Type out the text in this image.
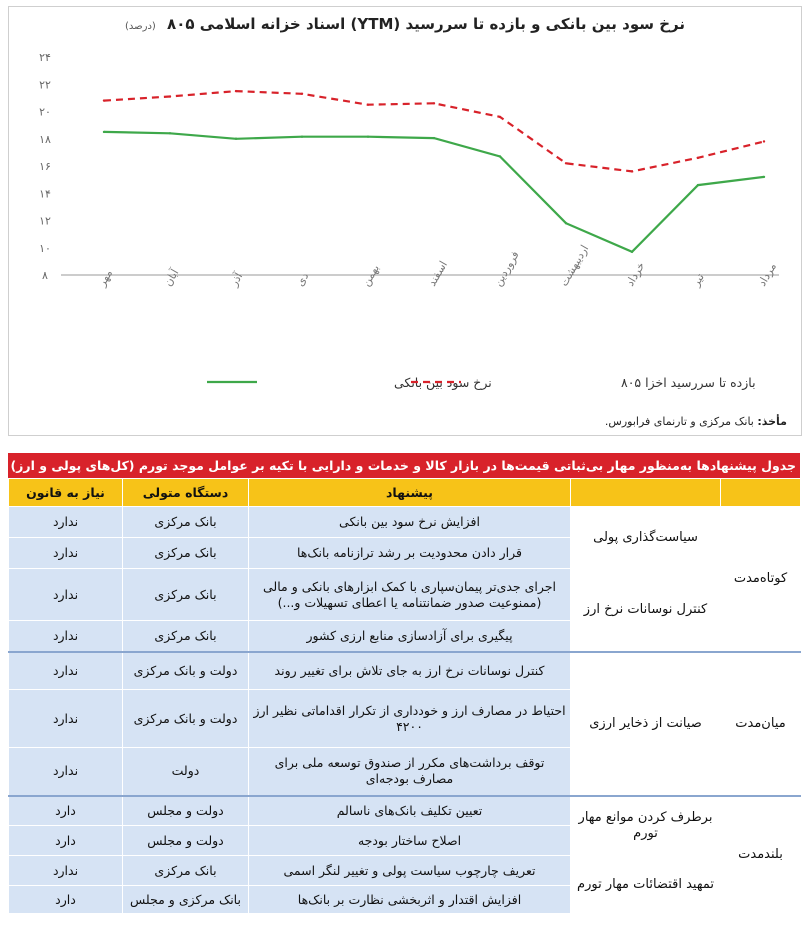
نرخ سود بین بانکی و بازده تا سررسید (YTM) اسناد خزانه اسلامی ۸۰۵ (درصد)
۸
۱۰
۱۲
۱۴
۱۶
۱۸
۲۰
۲۲
۲۴
مهر	آبان	آذر	دی	بهمن	اسفند	فروردین	اردیبهشت	خرداد	تیر	مرداد
نرخ سود بین بانکی	بازده تا سررسید اخزا ۸۰۵
مأخذ: بانک مرکزی و تارنمای فرابورس.
جدول پیشنهادها به‌منظور مهار بی‌ثباتی قیمت‌ها در بازار کالا و خدمات و دارایی با تکیه بر عوامل موجد تورم (کل‌های پولی و ارز)
		پیشنهاد	دستگاه متولی	نیاز به قانون
کوتاه‌مدت	سیاست‌گذاری پولی	افزایش نرخ سود بین بانکی	بانک مرکزی	ندارد
		قرار دادن محدودیت بر رشد ترازنامه بانک‌ها	بانک مرکزی	ندارد
	کنترل نوسانات نرخ ارز	اجرای جدی‌تر پیمان‌سپاری با کمک ابزارهای بانکی و مالی (ممنوعیت صدور ضمانتنامه یا اعطای تسهیلات و...)	بانک مرکزی	ندارد
		پیگیری برای آزادسازی منابع ارزی کشور	بانک مرکزی	ندارد
میان‌مدت	صیانت از ذخایر ارزی	کنترل نوسانات نرخ ارز به جای تلاش برای تغییر روند	دولت و بانک مرکزی	ندارد
		احتیاط در مصارف ارز و خودداری از تکرار اقداماتی نظیر ارز ۴۲۰۰	دولت و بانک مرکزی	ندارد
		توقف برداشت‌های مکرر از صندوق توسعه ملی برای مصارف بودجه‌ای	دولت	ندارد
بلندمدت	برطرف کردن موانع مهار تورم	تعیین تکلیف بانک‌های ناسالم	دولت و مجلس	دارد
		اصلاح ساختار بودجه	دولت و مجلس	دارد
	تمهید اقتضائات مهار تورم	تعریف چارچوب سیاست پولی و تغییر لنگر اسمی	بانک مرکزی	ندارد
		افزایش اقتدار و اثربخشی نظارت بر بانک‌ها	بانک مرکزی و مجلس	دارد
